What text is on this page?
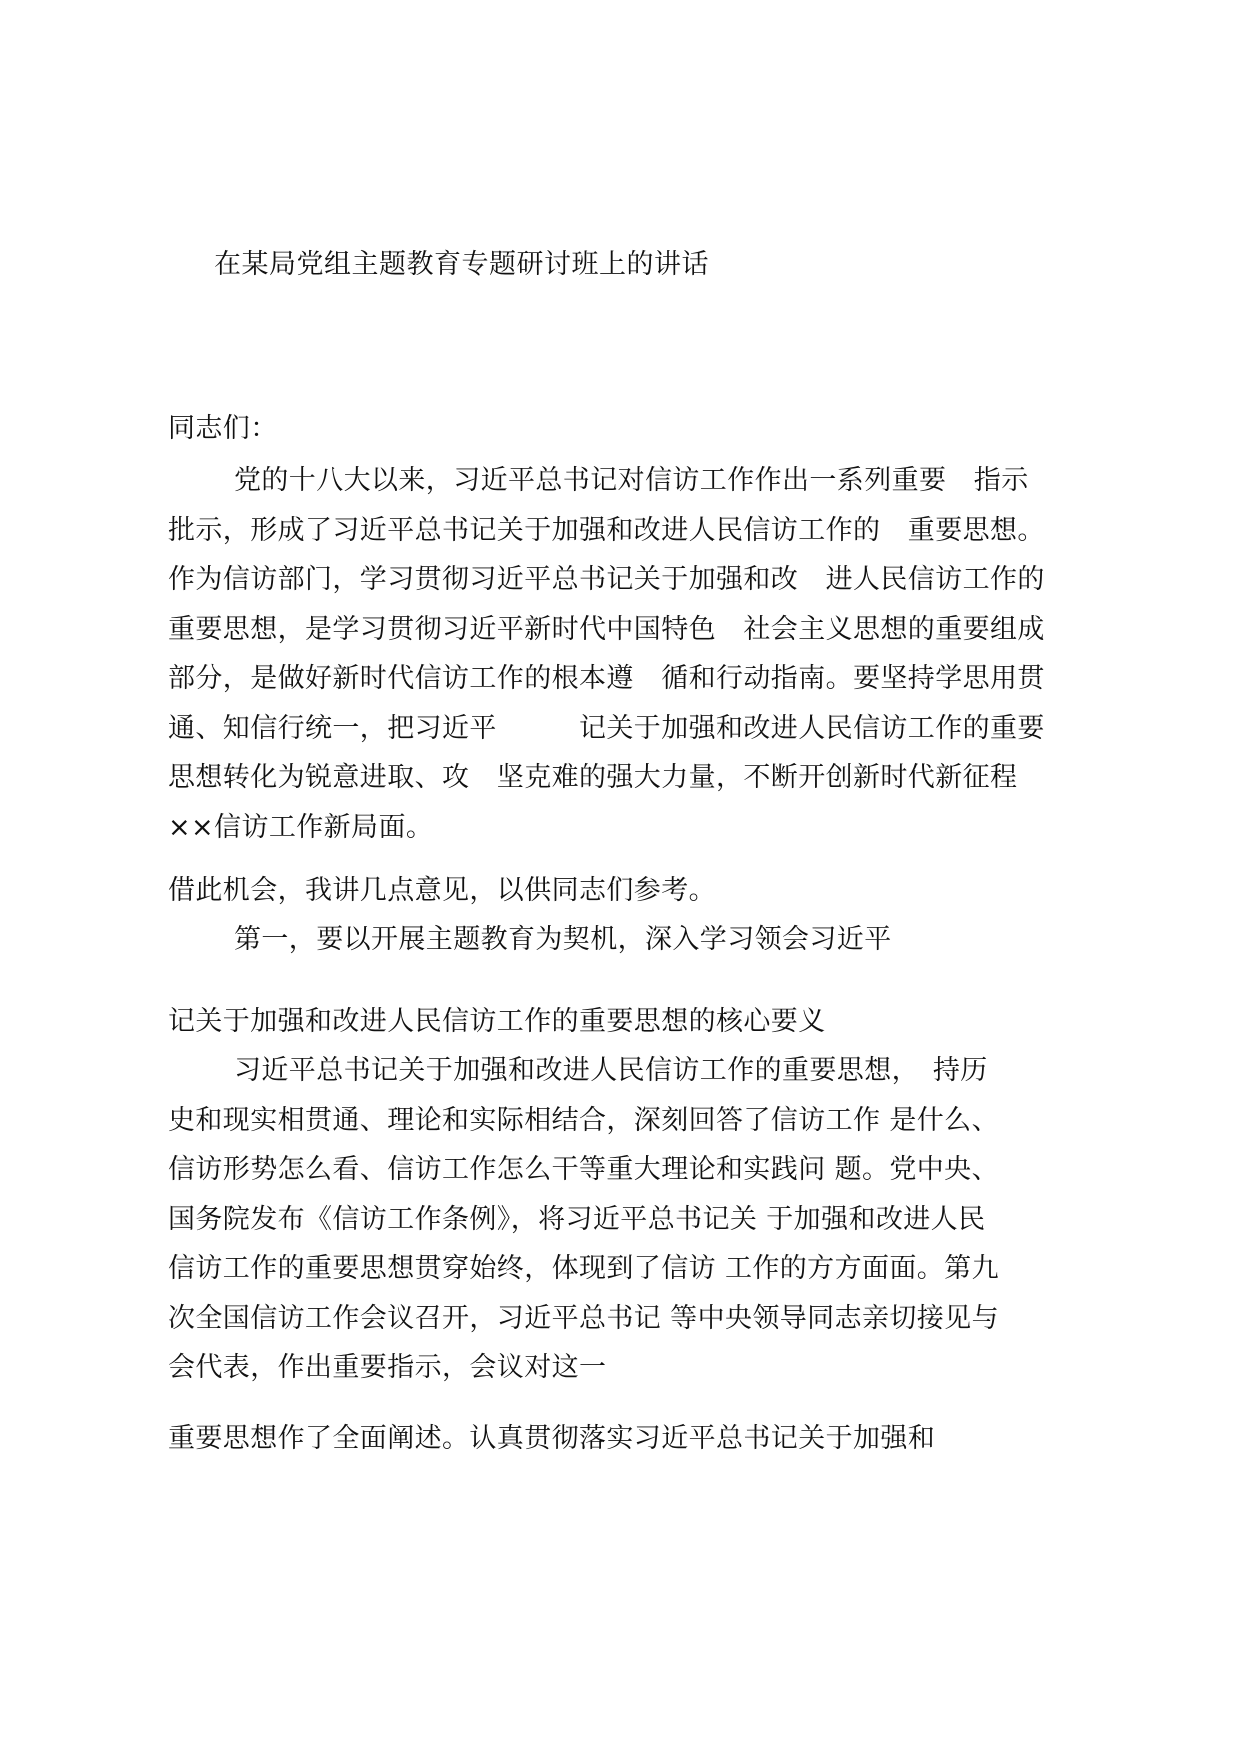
在某局党组主题教育专题研讨班上的讲话
同志们：
党的十八大以来，习近平总书记对信访工作作出一系列重要　指示
批示，形成了习近平总书记关于加强和改进人民信访工作的　重要思想。
作为信访部门，学习贯彻习近平总书记关于加强和改　进人民信访工作的
重要思想，是学习贯彻习近平新时代中国特色　社会主义思想的重要组成
部分，是做好新时代信访工作的根本遵　循和行动指南。要坚持学思用贯
通、知信行统一，把习近平　　　记关于加强和改进人民信访工作的重要
思想转化为锐意进取、攻　坚克难的强大力量，不断开创新时代新征程
××信访工作新局面。
借此机会，我讲几点意见，以供同志们参考。
第一，要以开展主题教育为契机，深入学习领会习近平
记关于加强和改进人民信访工作的重要思想的核心要义
习近平总书记关于加强和改进人民信访工作的重要思想，　持历
史和现实相贯通、理论和实际相结合，深刻回答了信访工作 是什么、
信访形势怎么看、信访工作怎么干等重大理论和实践问 题。党中央、
国务院发布《信访工作条例》，将习近平总书记关 于加强和改进人民
信访工作的重要思想贯穿始终，体现到了信访 工作的方方面面。第九
次全国信访工作会议召开，习近平总书记 等中央领导同志亲切接见与
会代表，作出重要指示，会议对这一
重要思想作了全面阐述。认真贯彻落实习近平总书记关于加强和
